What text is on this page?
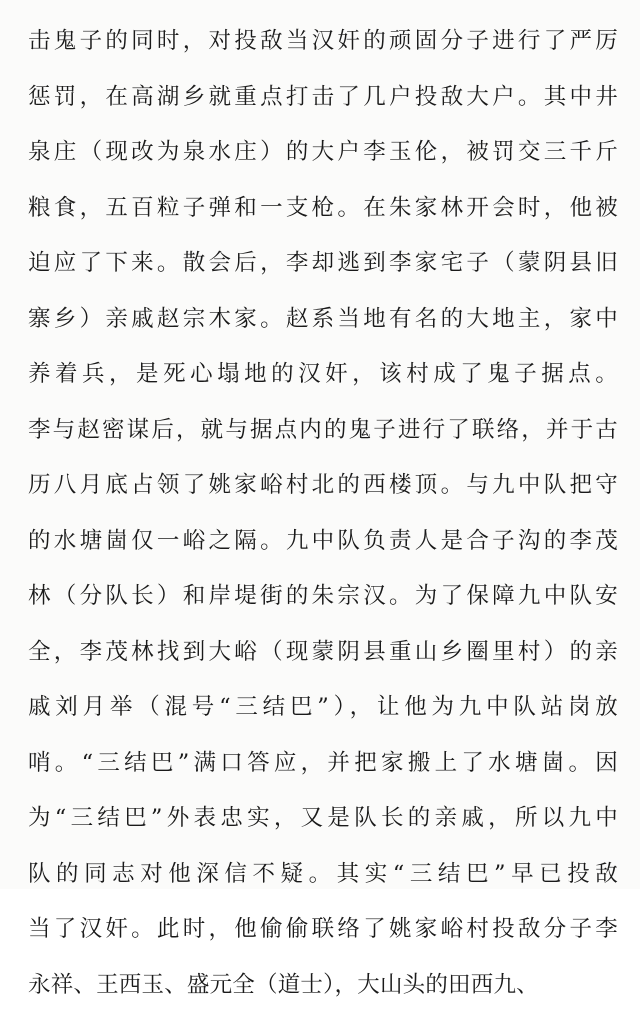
击鬼子的同时，对投敌当汉奸的顽固分子进行了严厉
惩罚，在高湖乡就重点打击了几户投敌大户。其中井
泉庄（现改为泉水庄）的大户李玉伦，被罚交三千斤
粮食，五百粒子弹和一支枪。在朱家林开会时，他被
迫应了下来。散会后，李却逃到李家宅子（蒙阴县旧
寨乡）亲戚赵宗木家。赵系当地有名的大地主，家中
养着兵，是死心塌地的汉奸，该村成了鬼子据点。
李与赵密谋后，就与据点内的鬼子进行了联络，并于古
历八月底占领了姚家峪村北的西楼顶。与九中队把守
的水塘崮仅一峪之隔。九中队负责人是合子沟的李茂
林（分队长）和岸堤街的朱宗汉。为了保障九中队安
全，李茂林找到大峪（现蒙阴县重山乡圈里村）的亲
戚刘月举（混号“三结巴”），让他为九中队站岗放
哨。“三结巴”满口答应，并把家搬上了水塘崮。因
为“三结巴”外表忠实，又是队长的亲戚，所以九中
队的同志对他深信不疑。其实“三结巴”早已投敌
当了汉奸。此时，他偷偷联络了姚家峪村投敌分子李
永祥、王西玉、盛元全（道士），大山头的田西九、
